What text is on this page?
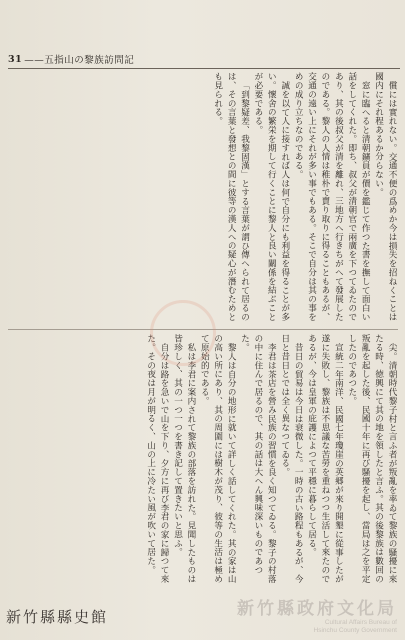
31 ——五指山の黎族訪問記

償には實れない。交通不便の爲めか今は損失を招ねくことは國内にそれ程あるか分らない。

窓に臨へると清朝鑛員が價を鑑じて作つた書を撫して面白い話をしてくれた。即ち、叔父が清朝官で兩廣を下つてゐたのであり、其の後叔父が清を離れ、三地方へ行きちがへて發展したのである。黎人の人情は稚朴で賣り取りに得ることもあるが、交通の遠い上にそれが多い事でもある。そこで自分は其の事をめの成り立ちなのである。

誠を以て人に接すれば人は何で自分にも利益を得ることが多い。懷舍の繁栄を期して行くことに黎人と良い關係を結ぶことが必要である。

「到黎疑差、我黎固漢」とする言葉が謂ひ傳へられて居るのは、その言葉と發想との間に彼等の漢人への疑心が潛むためとも見られる。

尖。清朝時代黎子村と言ふ者が叛亂を率ゐて黎族の騷擾に來たる時、徳興にて其の地を領したと言ふ。其の後黎族は數回の叛亂を起した後、民國十年に再び騷擾を起し、當局は之を平定したのであつた。

宣統二年南洋、民國七年瓊崖の英郷が來り開墾に從事したが遂に失敗し、黎族は不思議な苦勞を重ねつつ生活して來たのであるが、今は皇軍の庇護によつて平穩に暮らして居る。

昔日の貿易は今日は衰微した。一時の古い路程もあるが、今日と昔日とでは全く異なつてゐる。

李君は茶店を營み民族の習慣を良く知つてゐる。黎子の村落の中に住んで居るので、其の話は大へん興味深いものであつた。

黎人は自分の地形に就いて詳しく話してくれた。其の家は山の高い所にあり、其の周圍には樹木が茂り、彼等の生活は極めて原始的である。

私は李君に案内されて黎族の部落を訪れた。見聞したものは皆珍しく、其の一つ一つを書き記して置きたいと思ふ。

自分は路を急いで山を下り、夕方に再び李君の家に歸つて來た。その夜は月が明るく、山の上に冷たい風が吹いて居た。

新竹縣縣史館	新竹縣政府文化局
Cultural Affairs Bureau of
Hsinchu County Government
